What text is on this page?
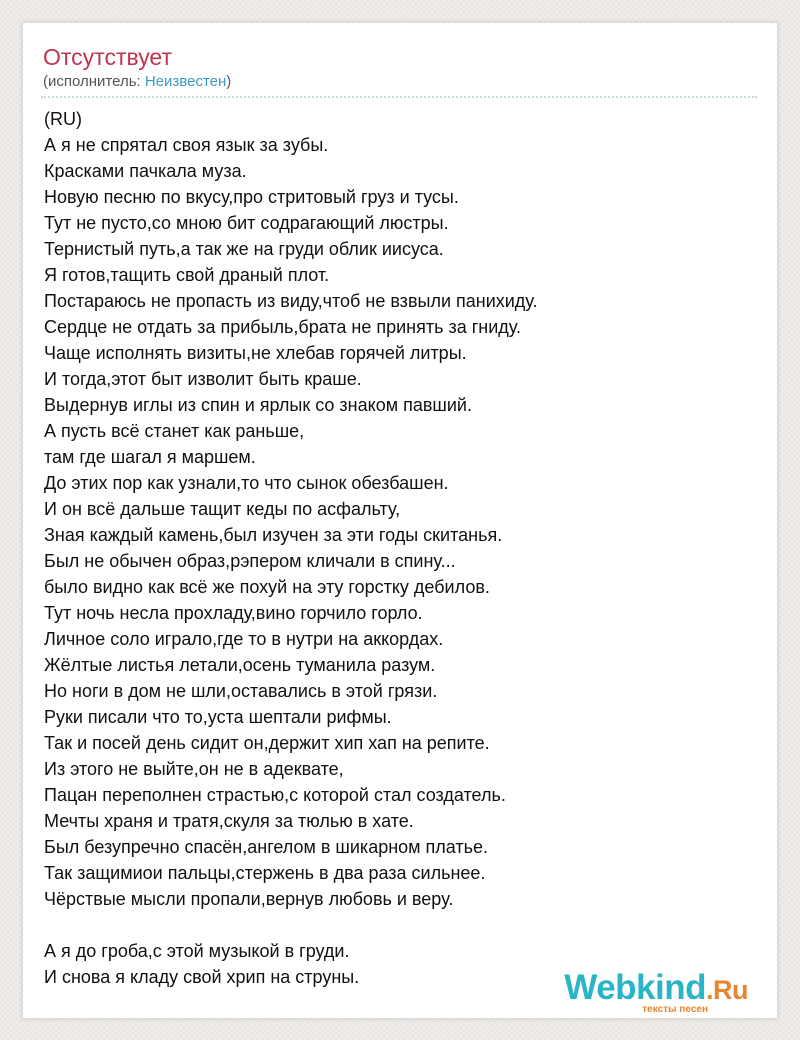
Отсутствует
(исполнитель: Неизвестен)
(RU)
А я не спрятал своя язык за зубы.
Красками пачкала муза.
Новую песню по вкусу,про стритовый груз и тусы.
Тут не пусто,со мною бит содрагающий люстры.
Тернистый путь,а так же на груди облик иисуса.
Я готов,тащить свой драный плот.
Постараюсь не пропасть из виду,чтоб не взвыли панихиду.
Сердце не отдать за прибыль,брата не принять за гниду.
Чаще исполнять визиты,не хлебав горячей литры.
И тогда,этот быт изволит быть краше.
Выдернув иглы из спин и ярлык со знаком павший.
А пусть всё станет как раньше,
там где шагал я маршем.
До этих пор как узнали,то что сынок обезбашен.
И он всё дальше тащит кеды по асфальту,
Зная каждый камень,был изучен за эти годы скитанья.
Был не обычен образ,рэпером кличали в спину...
было видно как всё же похуй на эту горстку дебилов.
Тут ночь несла прохладу,вино горчило горло.
Личное соло играло,где то в нутри на аккордах.
Жёлтые листья летали,осень туманила разум.
Но ноги в дом не шли,оставались в этой грязи.
Руки писали что то,уста шептали рифмы.
Так и посей день сидит он,держит хип хап на репите.
Из этого не выйте,он не в адеквате,
Пацан переполнен страстью,с которой стал создатель.
Мечты храня и тратя,скуля за тюлью в хате.
Был безупречно спасён,ангелом в шикарном платье.
Так защимиои пальцы,стержень в два раза сильнее.
Чёрствые мысли пропали,вернув любовь и веру.
А я до гроба,с этой музыкой в груди.
И снова я кладу свой хрип на струны.	Webkind.Ru
тексты песен
